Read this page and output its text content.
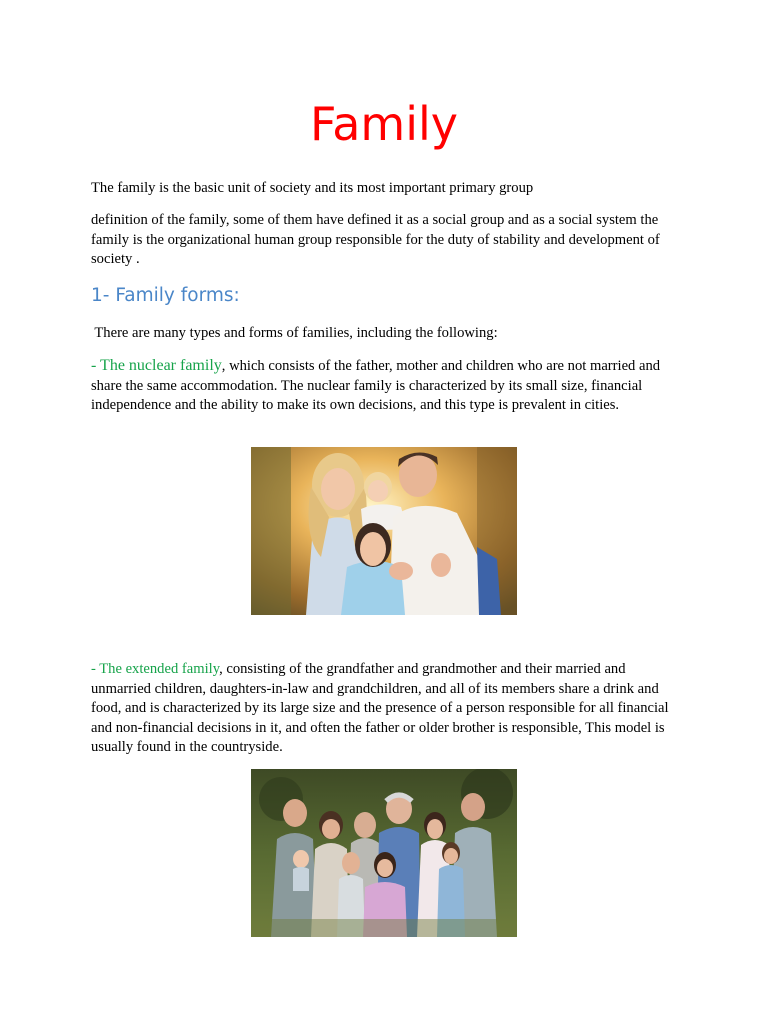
Family

The family is the basic unit of society and its most important primary group

definition of the family, some of them have defined it as a social group and as a social system the family is the organizational human group responsible for the duty of stability and development of society .

1- Family forms:

There are many types and forms of families, including the following:

- The nuclear family, which consists of the father, mother and children who are not married and share the same accommodation. The nuclear family is characterized by its small size, financial independence and the ability to make its own decisions, and this type is prevalent in cities.

- The extended family, consisting of the grandfather and grandmother and their married and unmarried children, daughters-in-law and grandchildren, and all of its members share a drink and food, and is characterized by its large size and the presence of a person responsible for all financial and non-financial decisions in it, and often the father or older brother is responsible, This model is usually found in the countryside.
